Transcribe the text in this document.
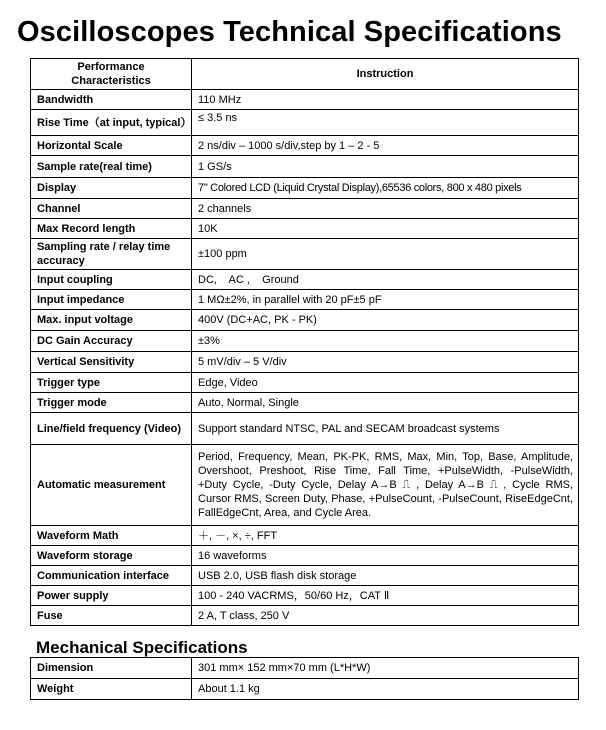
Oscilloscopes Technical Specifications
Performance Characteristics	Instruction
Bandwidth	110 MHz
Rise Time（at input, typical）	≤ 3.5 ns
Horizontal Scale	2 ns/div – 1000 s/div,step by 1 – 2 - 5
Sample rate(real time)	1 GS/s
Display	7" Colored LCD (Liquid Crystal Display),65536 colors, 800 x 480 pixels
Channel	2 channels
Max Record length	10K
Sampling rate / relay time accuracy	±100 ppm
Input coupling	DC,    AC ,    Ground
Input impedance	1 MΩ±2%, in parallel with 20 pF±5 pF
Max. input voltage	400V (DC+AC, PK - PK)
DC Gain Accuracy	±3%
Vertical Sensitivity	5 mV/div – 5 V/div
Trigger type	Edge, Video
Trigger mode	Auto, Normal, Single
Line/field frequency (Video)	Support standard NTSC, PAL and SECAM broadcast systems
Automatic measurement	Period, Frequency, Mean, PK-PK, RMS, Max, Min, Top, Base, Amplitude, Overshoot, Preshoot, Rise Time, Fall Time, +PulseWidth, -PulseWidth, +Duty Cycle, -Duty Cycle, Delay A→B ⎍ , Delay A→B ⎍ , Cycle RMS, Cursor RMS, Screen Duty, Phase, +PulseCount, -PulseCount, RiseEdgeCnt, FallEdgeCnt, Area, and Cycle Area.
Waveform Math	＋, －, ×, ÷, FFT
Waveform storage	16 waveforms
Communication interface	USB 2.0, USB flash disk storage
Power supply	100 - 240 VACRMS，50/60 Hz，CAT Ⅱ
Fuse	2 A, T class, 250 V
Mechanical Specifications
Dimension	301 mm× 152 mm×70 mm (L*H*W)
Weight	About 1.1 kg
